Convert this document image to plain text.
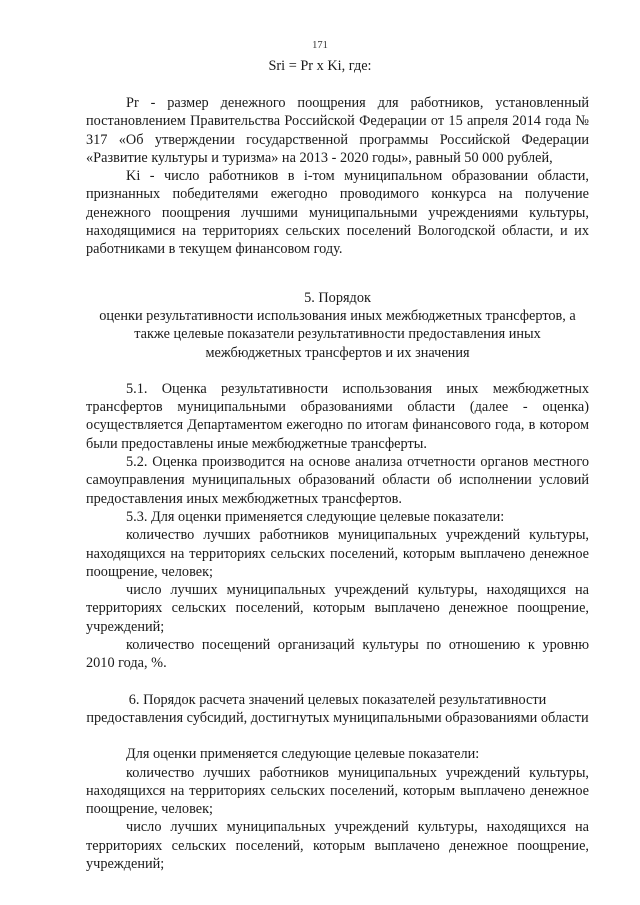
171
Sri = Pr x Ki, где:

Pr - размер денежного поощрения для работников, установленный постановлением Правительства Российской Федерации от 15 апреля 2014 года № 317 «Об утверждении государственной программы Российской Федерации «Развитие культуры и туризма» на 2013 - 2020 годы», равный 50 000 рублей,

Ki - число работников в i-том муниципальном образовании области, признанных победителями ежегодно проводимого конкурса на получение денежного поощрения лучшими муниципальными учреждениями культуры, находящимися на территориях сельских поселений Вологодской области, и их работниками в текущем финансовом году.

5. Порядок

оценки результативности использования иных межбюджетных трансфертов, а также целевые показатели результативности предоставления иных межбюджетных трансфертов и их значения

5.1. Оценка результативности использования иных межбюджетных трансфертов муниципальными образованиями области (далее - оценка) осуществляется Департаментом ежегодно по итогам финансового года, в котором были предоставлены иные межбюджетные трансферты.

5.2. Оценка производится на основе анализа отчетности органов местного самоуправления муниципальных образований области об исполнении условий предоставления иных межбюджетных трансфертов.

5.3. Для оценки применяется следующие целевые показатели:

количество лучших работников муниципальных учреждений культуры, находящихся на территориях сельских поселений, которым выплачено денежное поощрение, человек;

число лучших муниципальных учреждений культуры, находящихся на территориях сельских поселений, которым выплачено денежное поощрение, учреждений;

количество посещений организаций культуры по отношению к уровню 2010 года, %.

6. Порядок расчета значений целевых показателей результативности предоставления субсидий, достигнутых муниципальными образованиями области

Для оценки применяется следующие целевые показатели:

количество лучших работников муниципальных учреждений культуры, находящихся на территориях сельских поселений, которым выплачено денежное поощрение, человек;

число лучших муниципальных учреждений культуры, находящихся на территориях сельских поселений, которым выплачено денежное поощрение, учреждений;
